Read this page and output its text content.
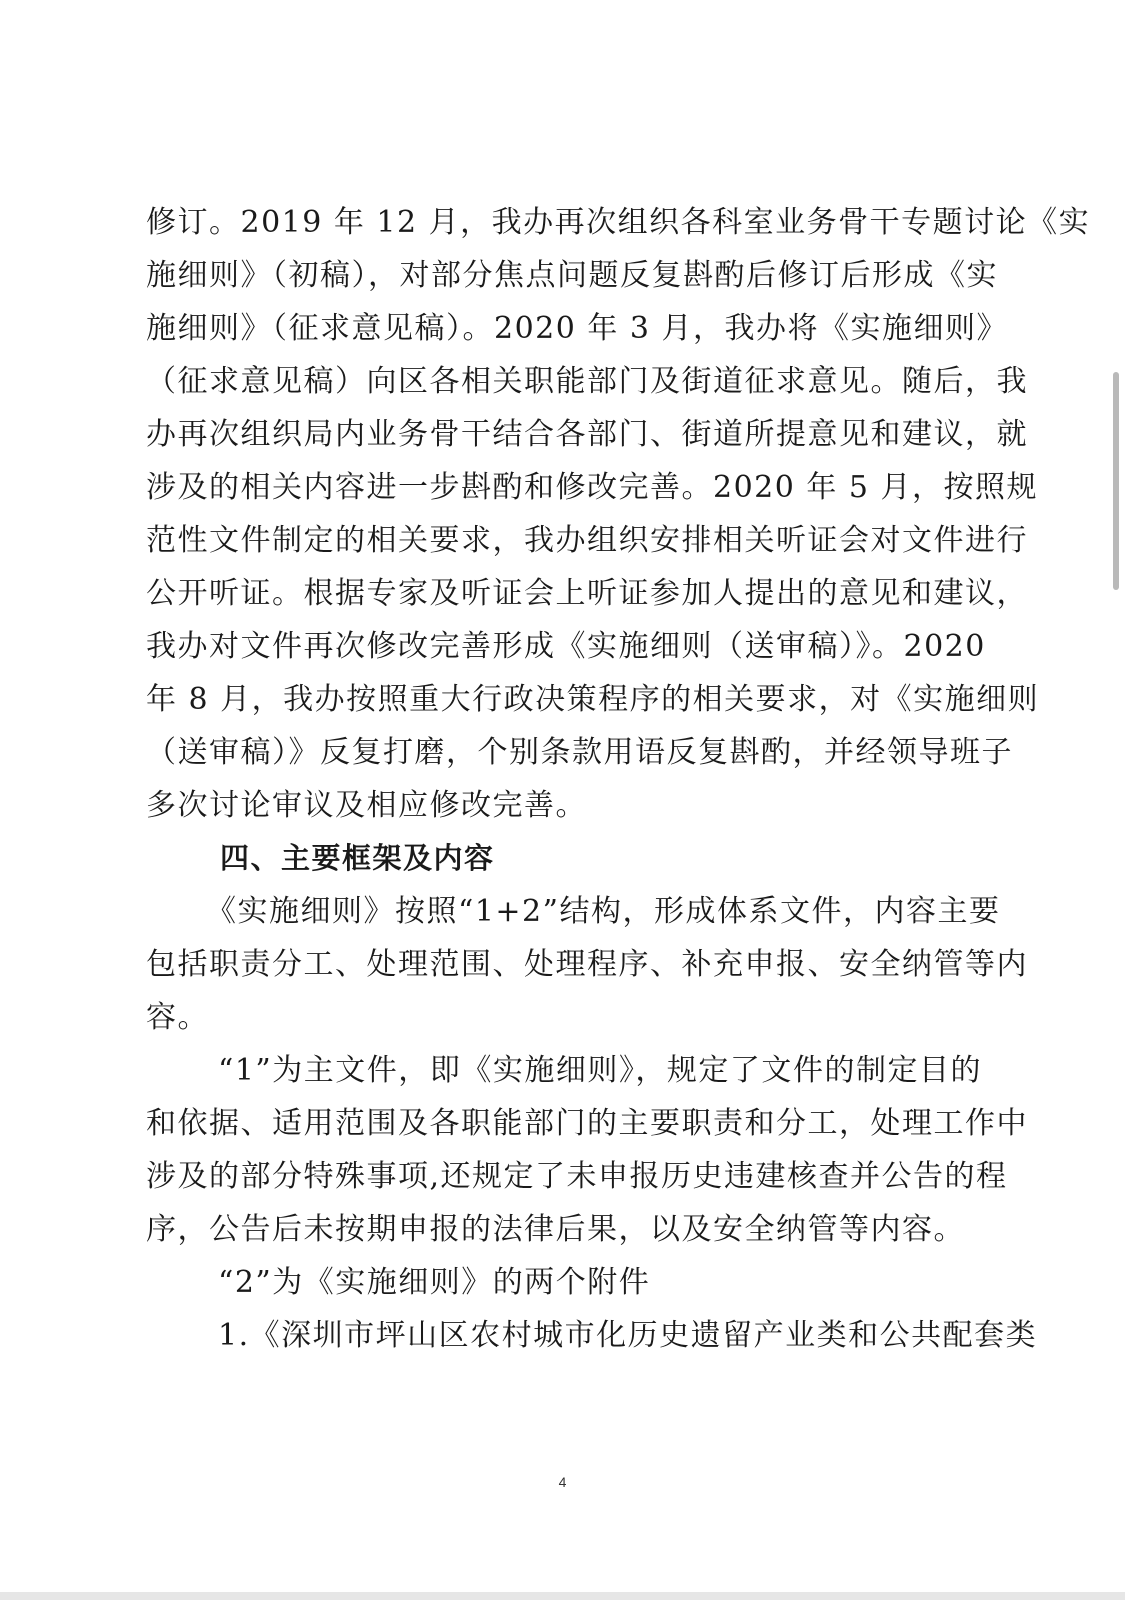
修订。2019 年 12 月，我办再次组织各科室业务骨干专题讨论《实
施细则》（初稿），对部分焦点问题反复斟酌后修订后形成《实
施细则》（征求意见稿）。2020 年 3 月，我办将《实施细则》
（征求意见稿）向区各相关职能部门及街道征求意见。随后，我
办再次组织局内业务骨干结合各部门、街道所提意见和建议，就
涉及的相关内容进一步斟酌和修改完善。2020 年 5 月，按照规
范性文件制定的相关要求，我办组织安排相关听证会对文件进行
公开听证。根据专家及听证会上听证参加人提出的意见和建议，
我办对文件再次修改完善形成《实施细则（送审稿）》。2020
年 8 月，我办按照重大行政决策程序的相关要求，对《实施细则
（送审稿）》反复打磨，个别条款用语反复斟酌，并经领导班子
多次讨论审议及相应修改完善。
四、主要框架及内容
《实施细则》按照“1+2”结构，形成体系文件，内容主要
包括职责分工、处理范围、处理程序、补充申报、安全纳管等内
容。
“1”为主文件，即《实施细则》，规定了文件的制定目的
和依据、适用范围及各职能部门的主要职责和分工，处理工作中
涉及的部分特殊事项,还规定了未申报历史违建核查并公告的程
序，公告后未按期申报的法律后果，以及安全纳管等内容。
“2”为《实施细则》的两个附件
1.《深圳市坪山区农村城市化历史遗留产业类和公共配套类
4
